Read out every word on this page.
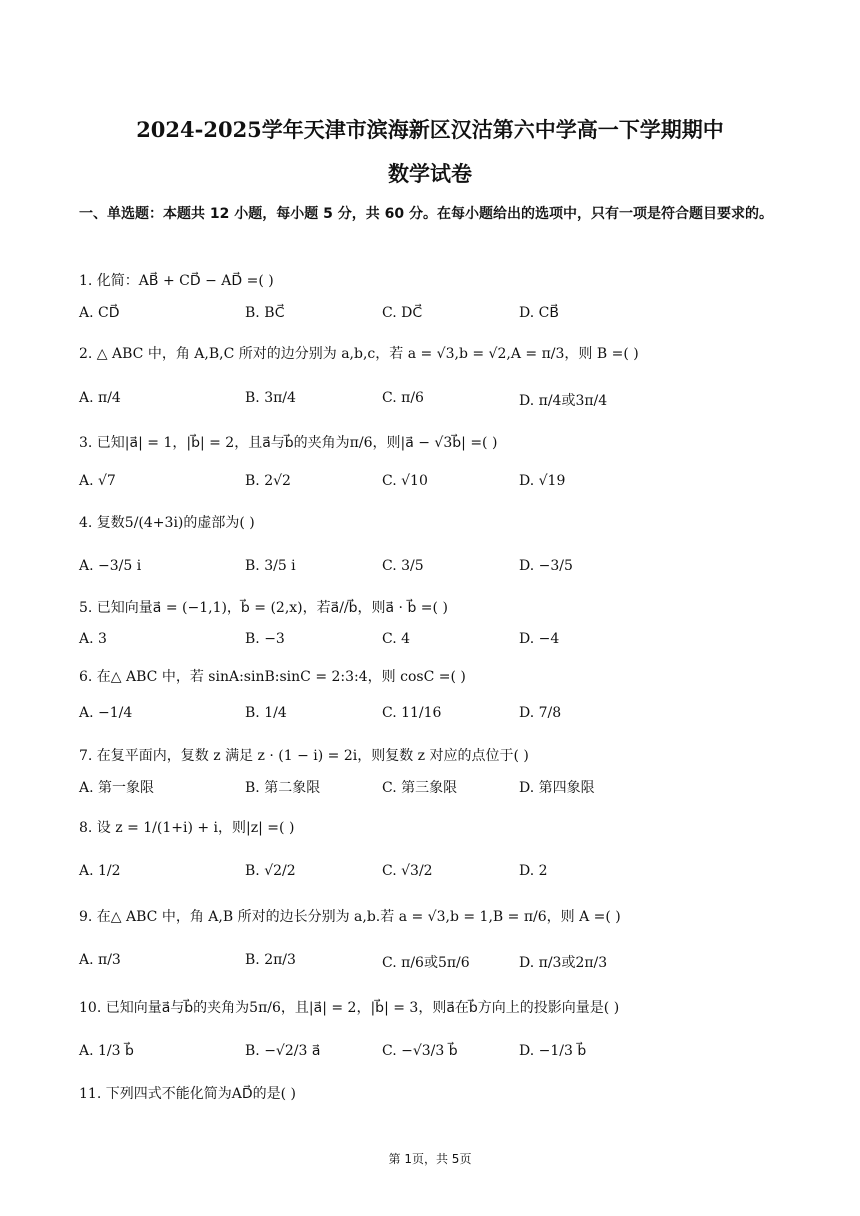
2024-2025学年天津市滨海新区汉沽第六中学高一下学期期中
数学试卷
一、单选题：本题共 12 小题，每小题 5 分，共 60 分。在每小题给出的选项中，只有一项是符合题目要求的。
1. 化简：AB⃗ + CD⃗ − AD⃗ =( )
A. CD⃗	B. BC⃗	C. DC⃗	D. CB⃗
2. △ ABC 中，角 A,B,C 所对的边分别为 a,b,c，若 a = √3,b = √2,A = π/3，则 B =( )
A. π/4	B. 3π/4	C. π/6	D. π/4或3π/4
3. 已知|a⃗| = 1，|b⃗| = 2，且a⃗与b⃗的夹角为π/6，则|a⃗ − √3b⃗| =( )
A. √7	B. 2√2	C. √10	D. √19
4. 复数5/(4+3i)的虚部为( )
A. −3/5 i	B. 3/5 i	C. 3/5	D. −3/5
5. 已知向量a⃗ = (−1,1)，b⃗ = (2,x)，若a⃗//b⃗，则a⃗ · b⃗ =( )
A. 3	B. −3	C. 4	D. −4
6. 在△ ABC 中，若 sinA:sinB:sinC = 2:3:4，则 cosC =( )
A. −1/4	B. 1/4	C. 11/16	D. 7/8
7. 在复平面内，复数 z 满足 z · (1 − i) = 2i，则复数 z 对应的点位于( )
A. 第一象限	B. 第二象限	C. 第三象限	D. 第四象限
8. 设 z = 1/(1+i) + i，则|z| =( )
A. 1/2	B. √2/2	C. √3/2	D. 2
9. 在△ ABC 中，角 A,B 所对的边长分别为 a,b.若 a = √3,b = 1,B = π/6，则 A =( )
A. π/3	B. 2π/3	C. π/6或5π/6	D. π/3或2π/3
10. 已知向量a⃗与b⃗的夹角为5π/6，且|a⃗| = 2，|b⃗| = 3，则a⃗在b⃗方向上的投影向量是( )
A. 1/3 b⃗	B. −√2/3 a⃗	C. −√3/3 b⃗	D. −1/3 b⃗
11. 下列四式不能化简为AD⃗的是( )
第 1页，共 5页
